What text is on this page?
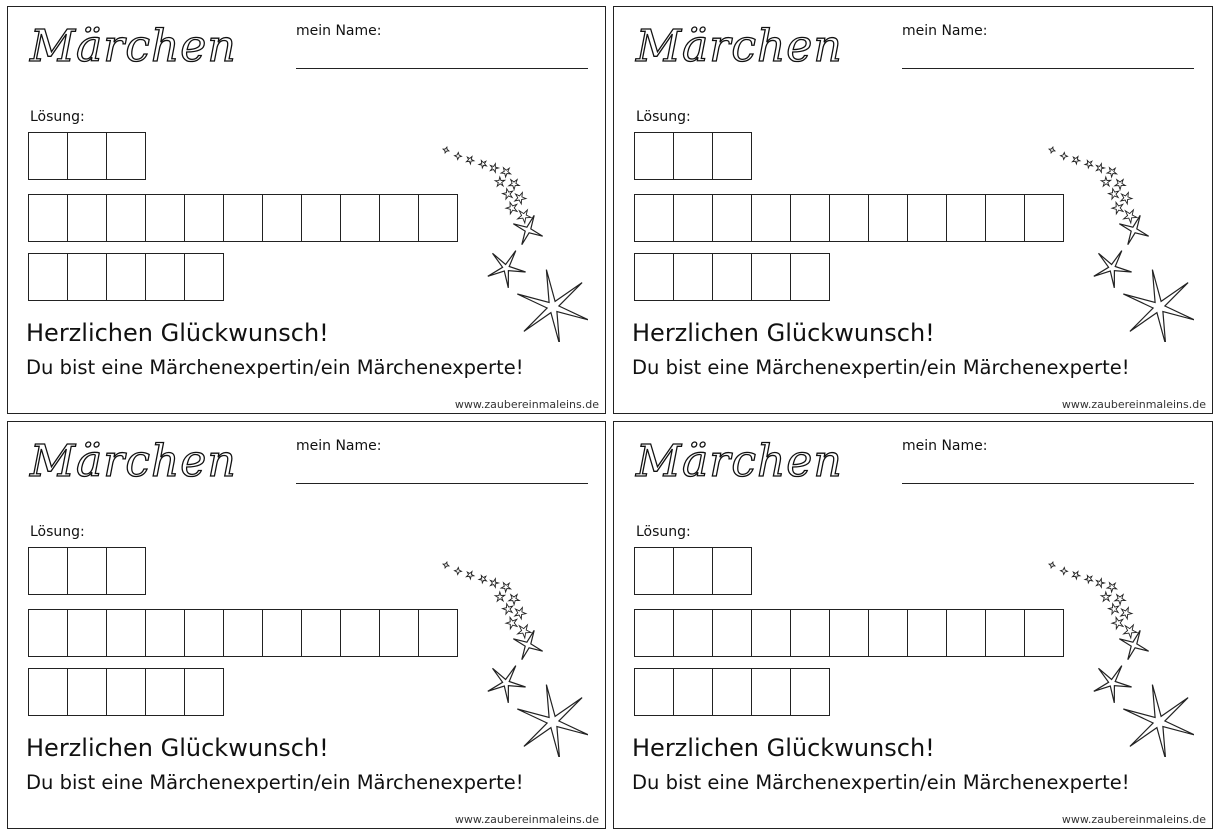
Märchen	mein Name:
Lösung:
Herzlichen Glückwunsch!
Du bist eine Märchenexpertin/ein Märchenexperte!
www.zaubereinmaleins.de
Märchen	mein Name:
Lösung:
Herzlichen Glückwunsch!
Du bist eine Märchenexpertin/ein Märchenexperte!
www.zaubereinmaleins.de
Märchen	mein Name:
Lösung:
Herzlichen Glückwunsch!
Du bist eine Märchenexpertin/ein Märchenexperte!
www.zaubereinmaleins.de
Märchen	mein Name:
Lösung:
Herzlichen Glückwunsch!
Du bist eine Märchenexpertin/ein Märchenexperte!
www.zaubereinmaleins.de
